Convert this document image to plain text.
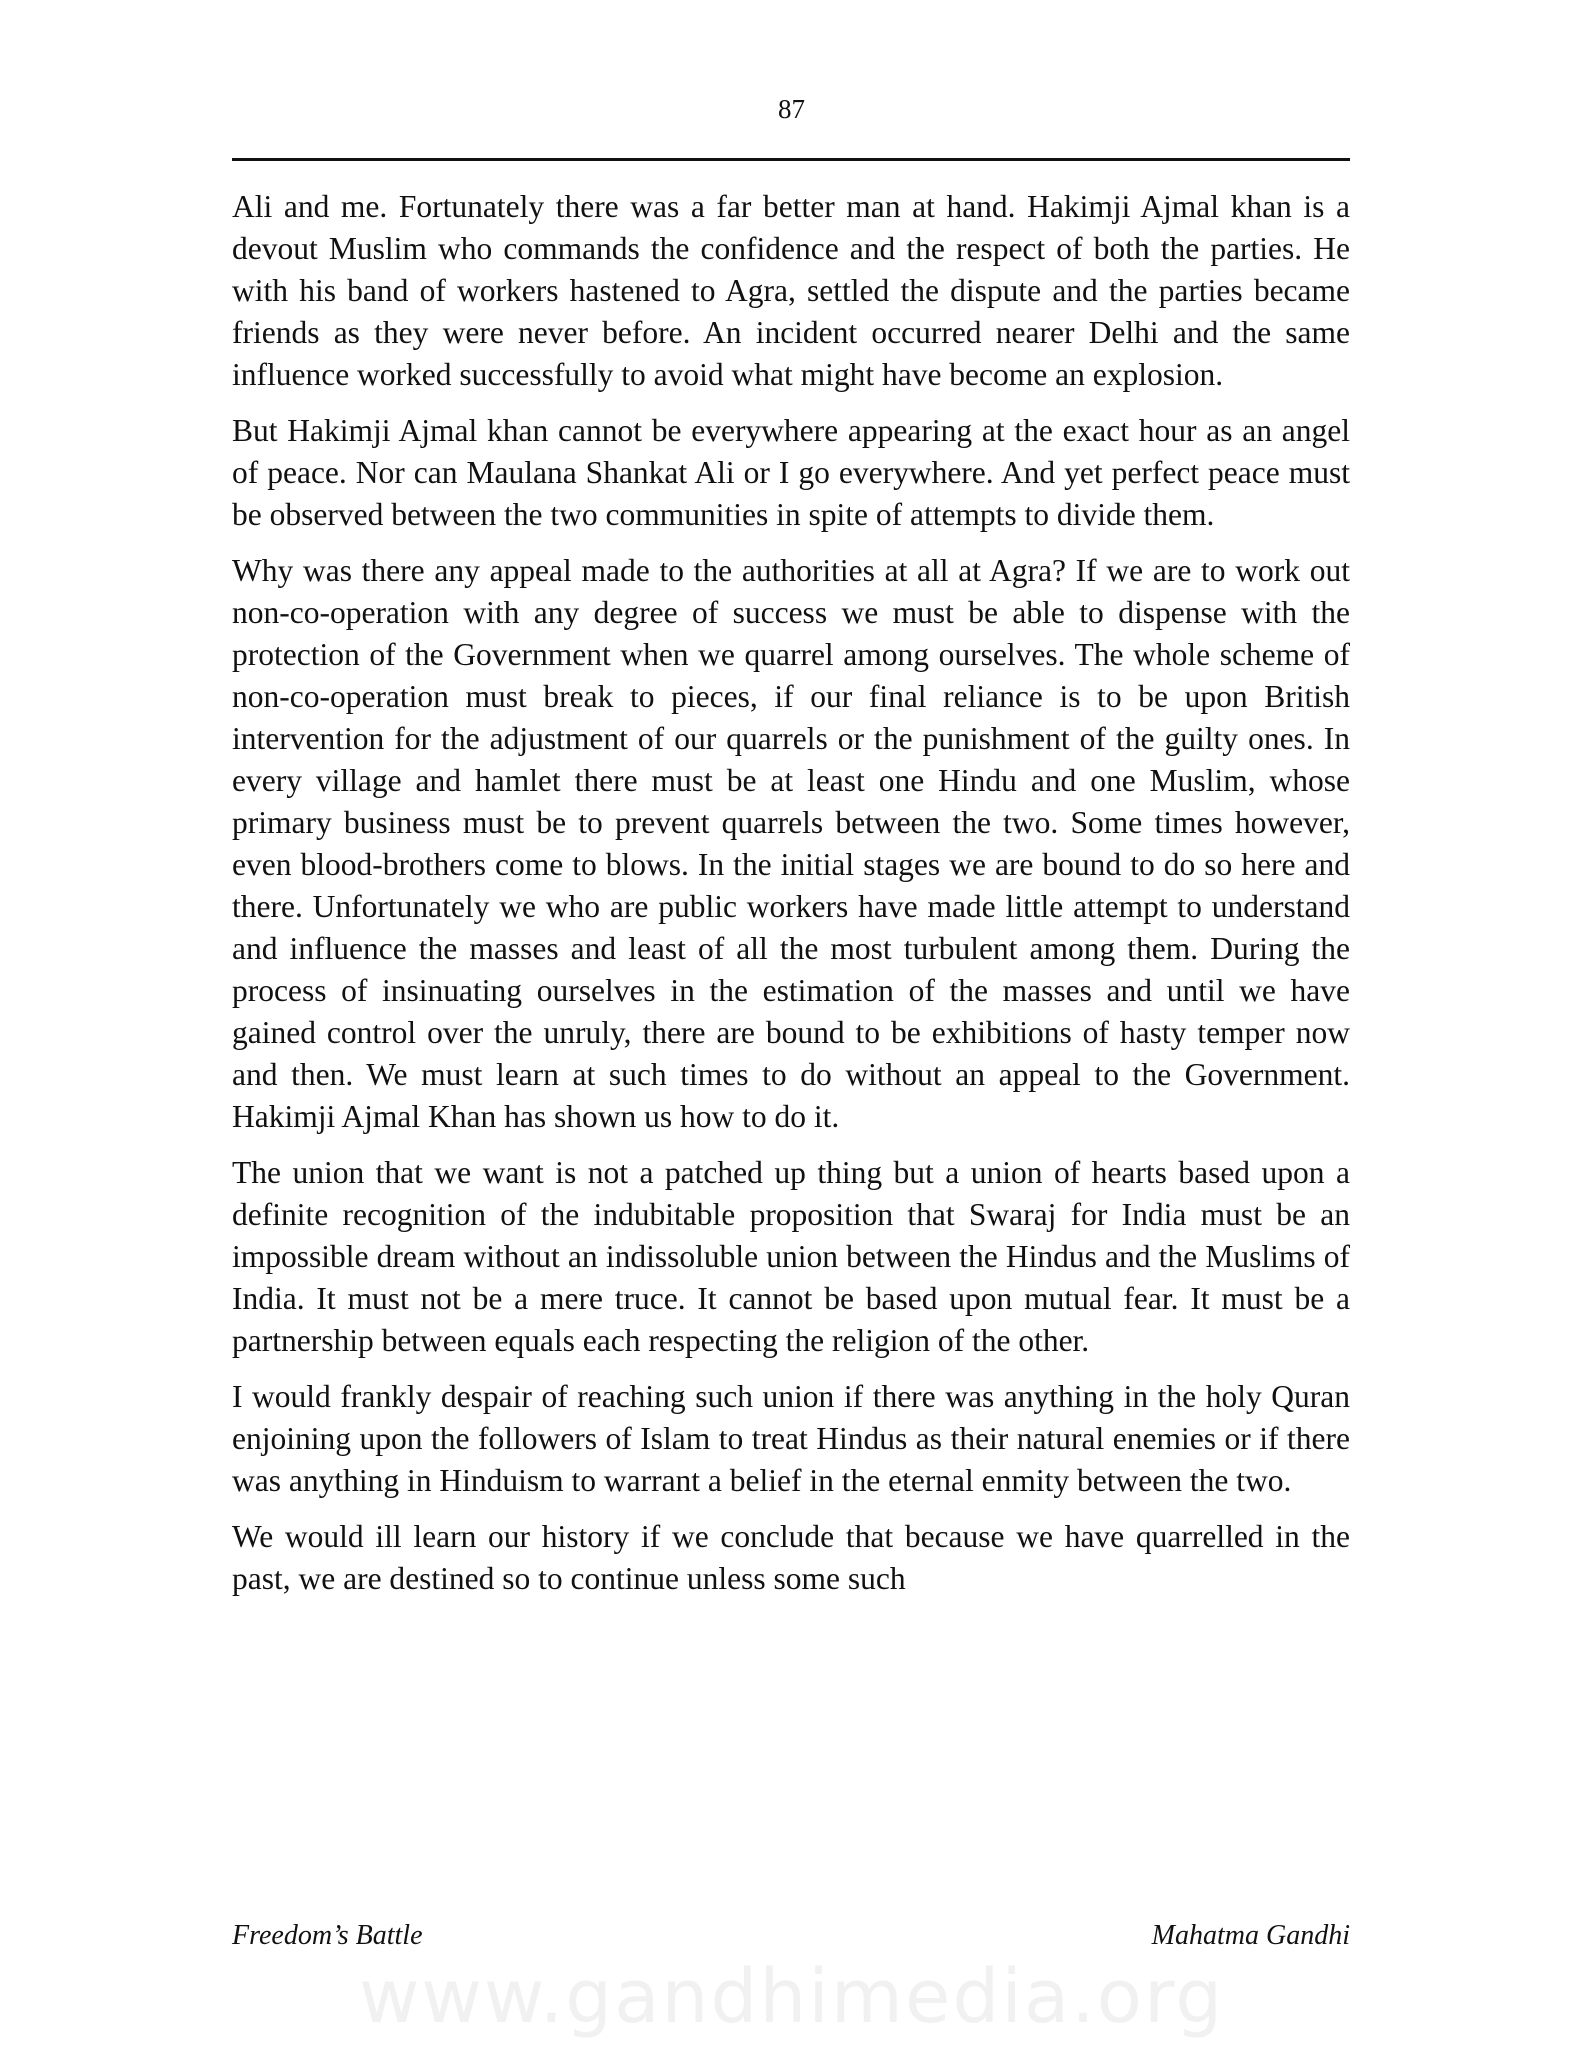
87

Ali and me. Fortunately there was a far better man at hand. Hakimji Ajmal khan is a devout Muslim who commands the confidence and the respect of both the parties. He with his band of workers hastened to Agra, settled the dispute and the parties became friends as they were never before. An incident occurred nearer Delhi and the same influence worked successfully to avoid what might have become an explosion.

But Hakimji Ajmal khan cannot be everywhere appearing at the exact hour as an angel of peace. Nor can Maulana Shankat Ali or I go everywhere. And yet perfect peace must be observed between the two communities in spite of attempts to divide them.

Why was there any appeal made to the authorities at all at Agra? If we are to work out non-co-operation with any degree of success we must be able to dispense with the protection of the Government when we quarrel among ourselves. The whole scheme of non-co-operation must break to pieces, if our final reliance is to be upon British intervention for the adjustment of our quarrels or the punishment of the guilty ones. In every village and hamlet there must be at least one Hindu and one Muslim, whose primary business must be to prevent quarrels between the two. Some times however, even blood-brothers come to blows. In the initial stages we are bound to do so here and there. Unfortunately we who are public workers have made little attempt to understand and influence the masses and least of all the most turbulent among them. During the process of insinuating ourselves in the estimation of the masses and until we have gained control over the unruly, there are bound to be exhibitions of hasty temper now and then. We must learn at such times to do without an appeal to the Government. Hakimji Ajmal Khan has shown us how to do it.

The union that we want is not a patched up thing but a union of hearts based upon a definite recognition of the indubitable proposition that Swaraj for India must be an impossible dream without an indissoluble union between the Hindus and the Muslims of India. It must not be a mere truce. It cannot be based upon mutual fear. It must be a partnership between equals each respecting the religion of the other.

I would frankly despair of reaching such union if there was anything in the holy Quran enjoining upon the followers of Islam to treat Hindus as their natural enemies or if there was anything in Hinduism to warrant a belief in the eternal enmity between the two.

We would ill learn our history if we conclude that because we have quarrelled in the past, we are destined so to continue unless some such

Freedom’s Battle	Mahatma Gandhi
www.gandhimedia.org
